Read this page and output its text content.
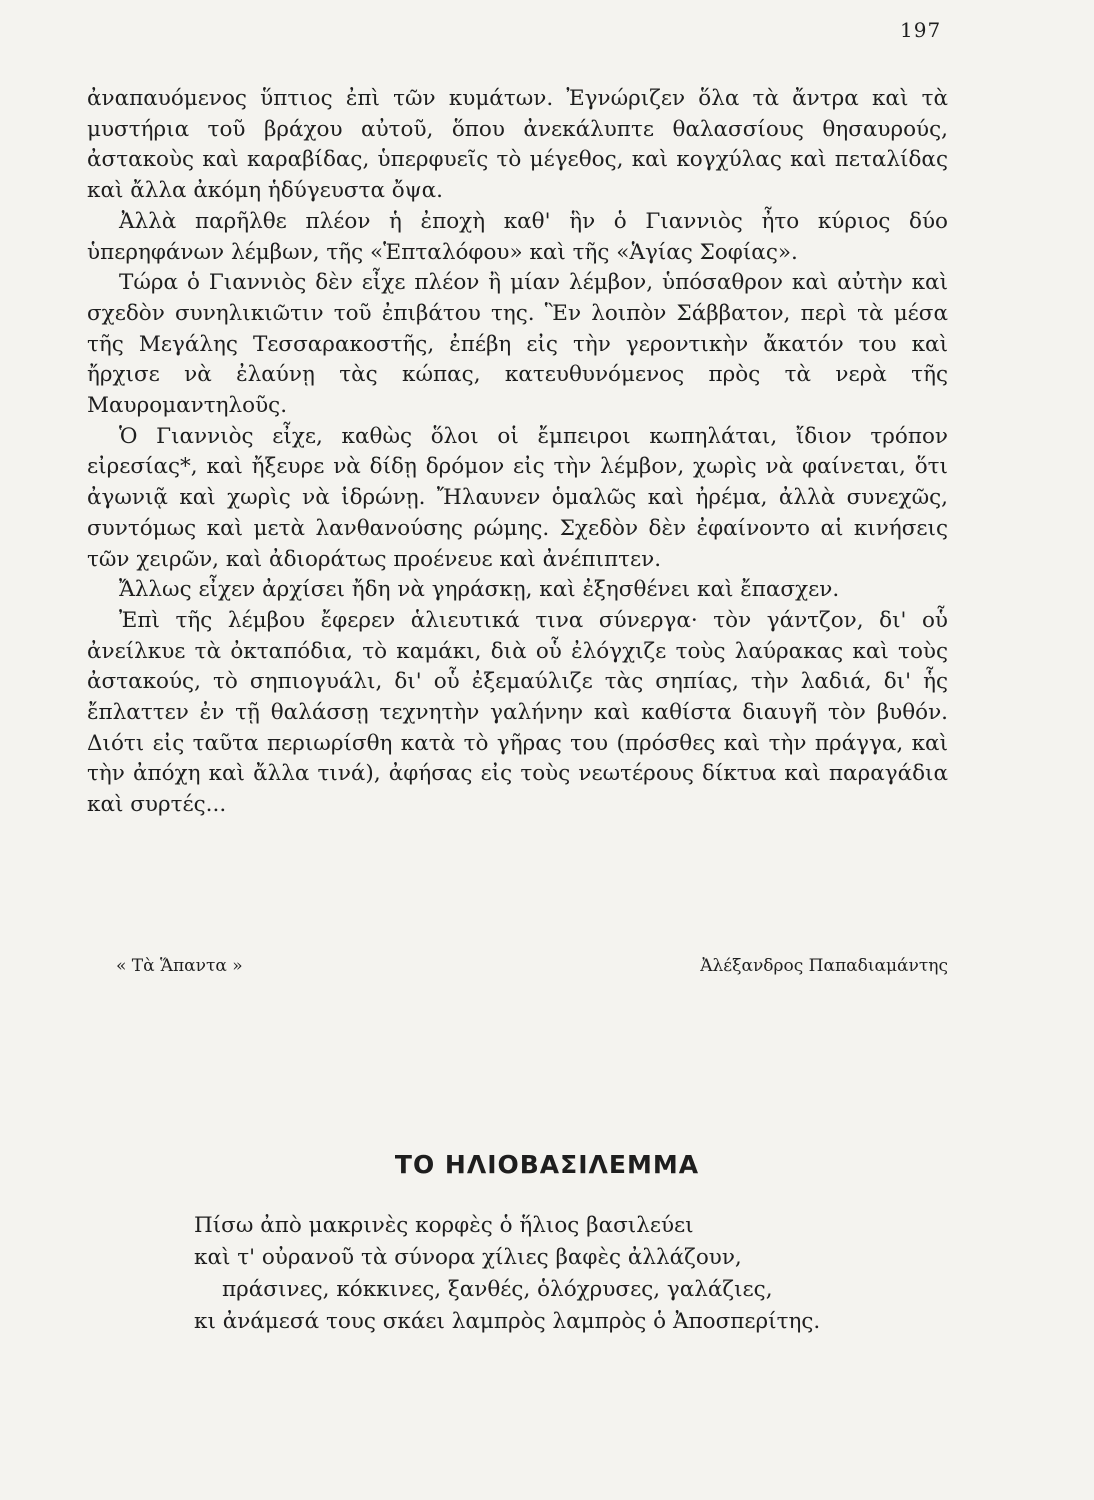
197

ἀναπαυόμενος ὕπτιος ἐπὶ τῶν κυμάτων. Ἐγνώριζεν ὅλα τὰ ἄντρα καὶ τὰ μυστήρια τοῦ βράχου αὐτοῦ, ὅπου ἀνεκάλυπτε θαλασσίους θησαυρούς, ἀστακοὺς καὶ καραβίδας, ὑπερφυεῖς τὸ μέγεθος, καὶ κογχύλας καὶ πεταλίδας καὶ ἄλλα ἀκόμη ἡδύγευστα ὄψα.

Ἀλλὰ παρῆλθε πλέον ἡ ἐποχὴ καθ' ἣν ὁ Γιαννιὸς ἦτο κύριος δύο ὑπερηφάνων λέμβων, τῆς «Ἑπταλόφου» καὶ τῆς «Ἁγίας Σοφίας».

Τώρα ὁ Γιαννιὸς δὲν εἶχε πλέον ἢ μίαν λέμβον, ὑπόσαθρον καὶ αὐτὴν καὶ σχεδὸν συνηλικιῶτιν τοῦ ἐπιβάτου της. Ἓν λοιπὸν Σάββατον, περὶ τὰ μέσα τῆς Μεγάλης Τεσσαρακοστῆς, ἐπέβη εἰς τὴν γεροντικὴν ἄκατόν του καὶ ἤρχισε νὰ ἐλαύνῃ τὰς κώπας, κατευθυνόμενος πρὸς τὰ νερὰ τῆς Μαυρομαντηλοῦς.

Ὁ Γιαννιὸς εἶχε, καθὼς ὅλοι οἱ ἔμπειροι κωπηλάται, ἴδιον τρόπον εἰρεσίας*, καὶ ἤξευρε νὰ δίδῃ δρόμον εἰς τὴν λέμβον, χωρὶς νὰ φαίνεται, ὅτι ἀγωνιᾷ καὶ χωρὶς νὰ ἱδρώνῃ. Ἤλαυνεν ὁμαλῶς καὶ ἠρέμα, ἀλλὰ συνεχῶς, συντόμως καὶ μετὰ λανθανούσης ρώμης. Σχεδὸν δὲν ἐφαίνοντο αἱ κινήσεις τῶν χειρῶν, καὶ ἀδιοράτως προένευε καὶ ἀνέπιπτεν.

Ἄλλως εἶχεν ἀρχίσει ἤδη νὰ γηράσκῃ, καὶ ἐξησθένει καὶ ἔπασχεν.

Ἐπὶ τῆς λέμβου ἔφερεν ἁλιευτικά τινα σύνεργα· τὸν γάντζον, δι' οὗ ἀνείλκυε τὰ ὀκταπόδια, τὸ καμάκι, διὰ οὗ ἐλόγχιζε τοὺς λαύρακας καὶ τοὺς ἀστακούς, τὸ σηπιογυάλι, δι' οὗ ἐξεμαύλιζε τὰς σηπίας, τὴν λαδιά, δι' ἧς ἔπλαττεν ἐν τῇ θαλάσσῃ τεχνητὴν γαλήνην καὶ καθίστα διαυγῆ τὸν βυθόν. Διότι εἰς ταῦτα περιωρίσθη κατὰ τὸ γῆρας του (πρόσθες καὶ τὴν πράγγα, καὶ τὴν ἀπόχη καὶ ἄλλα τινά), ἀφήσας εἰς τοὺς νεωτέρους δίκτυα καὶ παραγάδια καὶ συρτές...

« Τὰ Ἅπαντα »	Ἀλέξανδρος Παπαδιαμάντης
ΤΟ ΗΛΙΟΒΑΣΙΛΕΜΜΑ
Πίσω ἀπὸ μακρινὲς κορφὲς ὁ ἥλιος βασιλεύει
καὶ τ' οὐρανοῦ τὰ σύνορα χίλιες βαφὲς ἀλλάζουν,
πράσινες, κόκκινες, ξανθές, ὁλόχρυσες, γαλάζιες,
κι ἀνάμεσά τους σκάει λαμπρὸς λαμπρὸς ὁ Ἀποσπερίτης.
